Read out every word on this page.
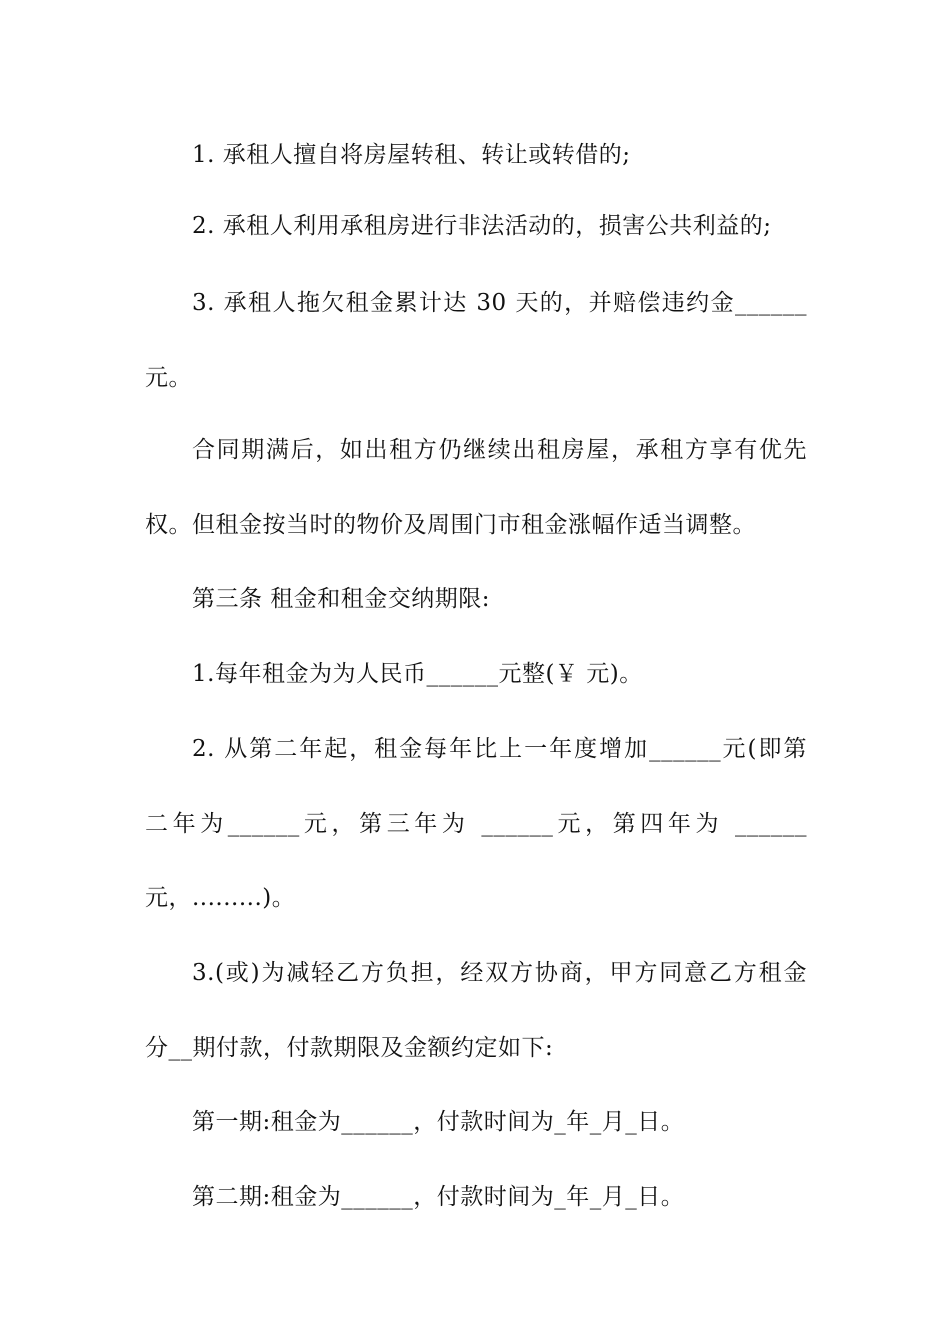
1. 承租人擅自将房屋转租、转让或转借的;
2. 承租人利用承租房进行非法活动的，损害公共利益的;
3. 承租人拖欠租金累计达 30 天的，并赔偿违约金______
元。
合同期满后，如出租方仍继续出租房屋，承租方享有优先
权。但租金按当时的物价及周围门市租金涨幅作适当调整。
第三条 租金和租金交纳期限:
1.每年租金为为人民币______元整(￥ 元)。
2. 从第二年起，租金每年比上一年度增加______元(即第
二年为______元，第三年为 ______元，第四年为 ______
元，.........)。
3.(或)为减轻乙方负担，经双方协商，甲方同意乙方租金
分__期付款，付款期限及金额约定如下:
第一期:租金为______，付款时间为_年_月_日。
第二期:租金为______，付款时间为_年_月_日。
